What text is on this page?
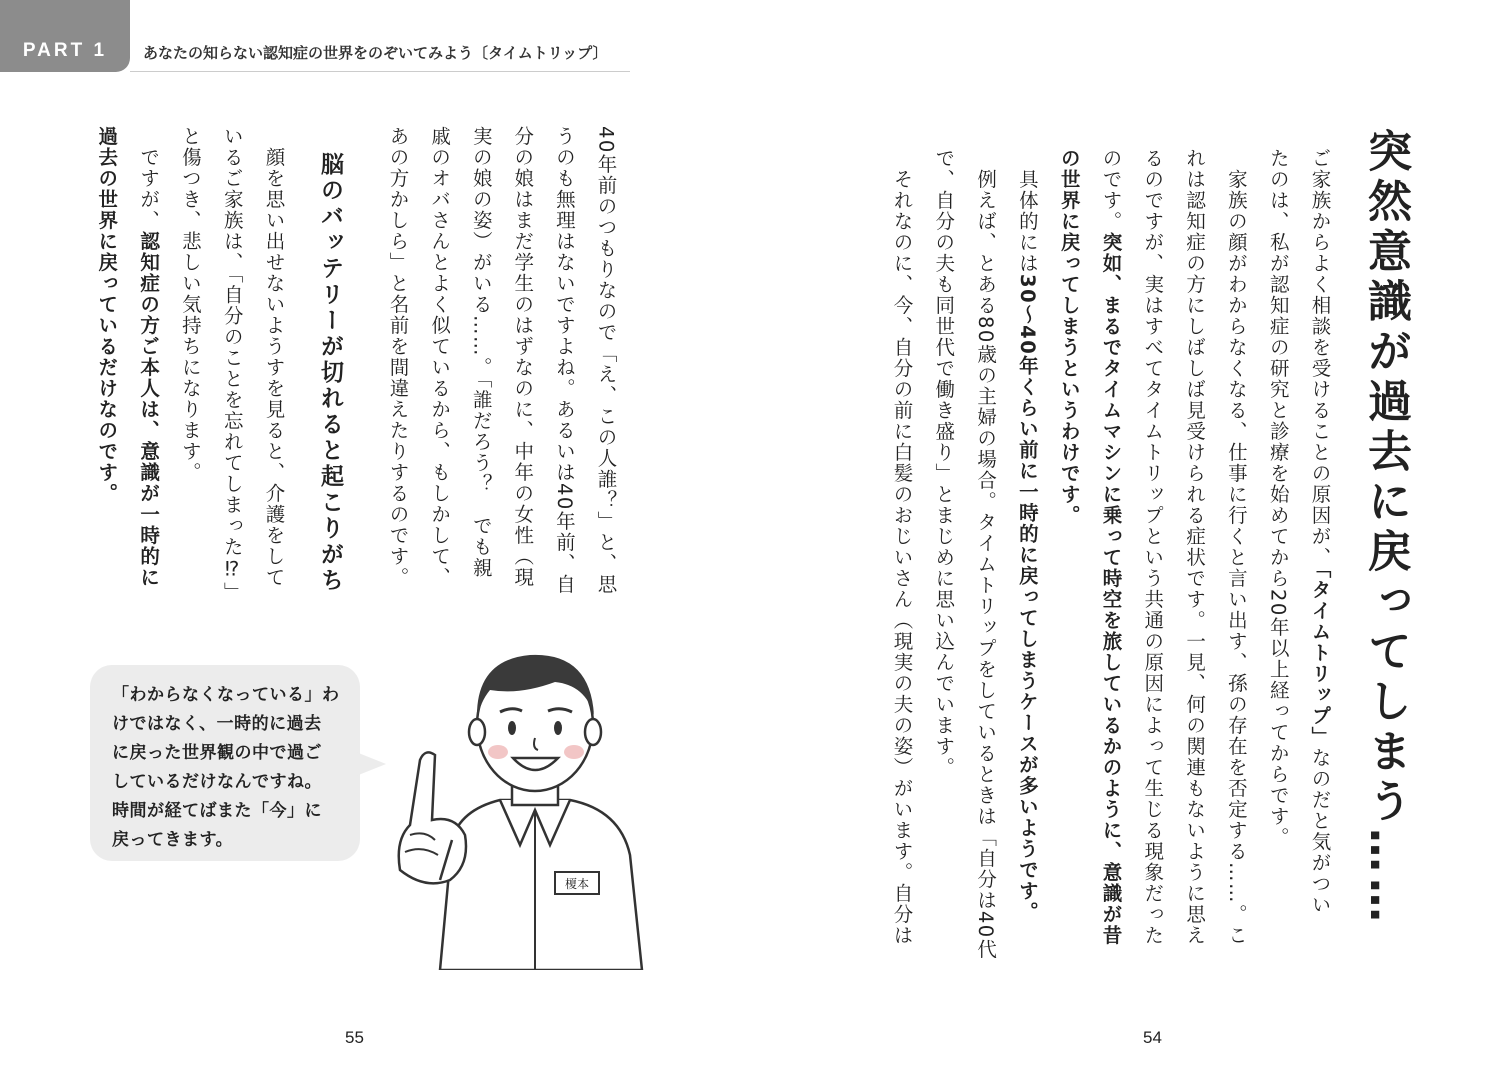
PART 1 あなたの知らない認知症の世界をのぞいてみよう〔タイムトリップ〕
突然意識が過去に戻ってしまう……
ご家族からよく相談を受けることの原因が、「タイムトリップ」なのだと気がつい
たのは、私が認知症の研究と診療を始めてから20年以上経ってからです。
　家族の顔がわからなくなる、仕事に行くと言い出す、孫の存在を否定する……。こ
れは認知症の方にしばしば見受けられる症状です。一見、何の関連もないように思え
るのですが、実はすべてタイムトリップという共通の原因によって生じる現象だった
のです。突如、まるでタイムマシンに乗って時空を旅しているかのように、意識が昔
の世界に戻ってしまうというわけです。
　具体的には30～40年くらい前に一時的に戻ってしまうケースが多いようです。
　例えば、とある80歳の主婦の場合。タイムトリップをしているときは「自分は40代
で、自分の夫も同世代で働き盛り」とまじめに思い込んでいます。
　それなのに、今、自分の前に白髪のおじいさん（現実の夫の姿）がいます。自分は
40年前のつもりなので「え、この人誰？」と、思
うのも無理はないですよね。あるいは40年前、自
分の娘はまだ学生のはずなのに、中年の女性（現
実の娘の姿）がいる……。「誰だろう？　でも親
戚のオバさんとよく似ているから、もしかして、
あの方かしら」と名前を間違えたりするのです。
脳のバッテリーが切れると起こりがち
　顔を思い出せないようすを見ると、介護をして
いるご家族は、「自分のことを忘れてしまった⁉」
と傷つき、悲しい気持ちになります。
　ですが、認知症の方ご本人は、意識が一時的に
過去の世界に戻っているだけなのです。
「わからなくなっている」わ
けではなく、一時的に過去
に戻った世界観の中で過ご
しているだけなんですね。
時間が経てばまた「今」に
戻ってきます。
榎本
55	54
